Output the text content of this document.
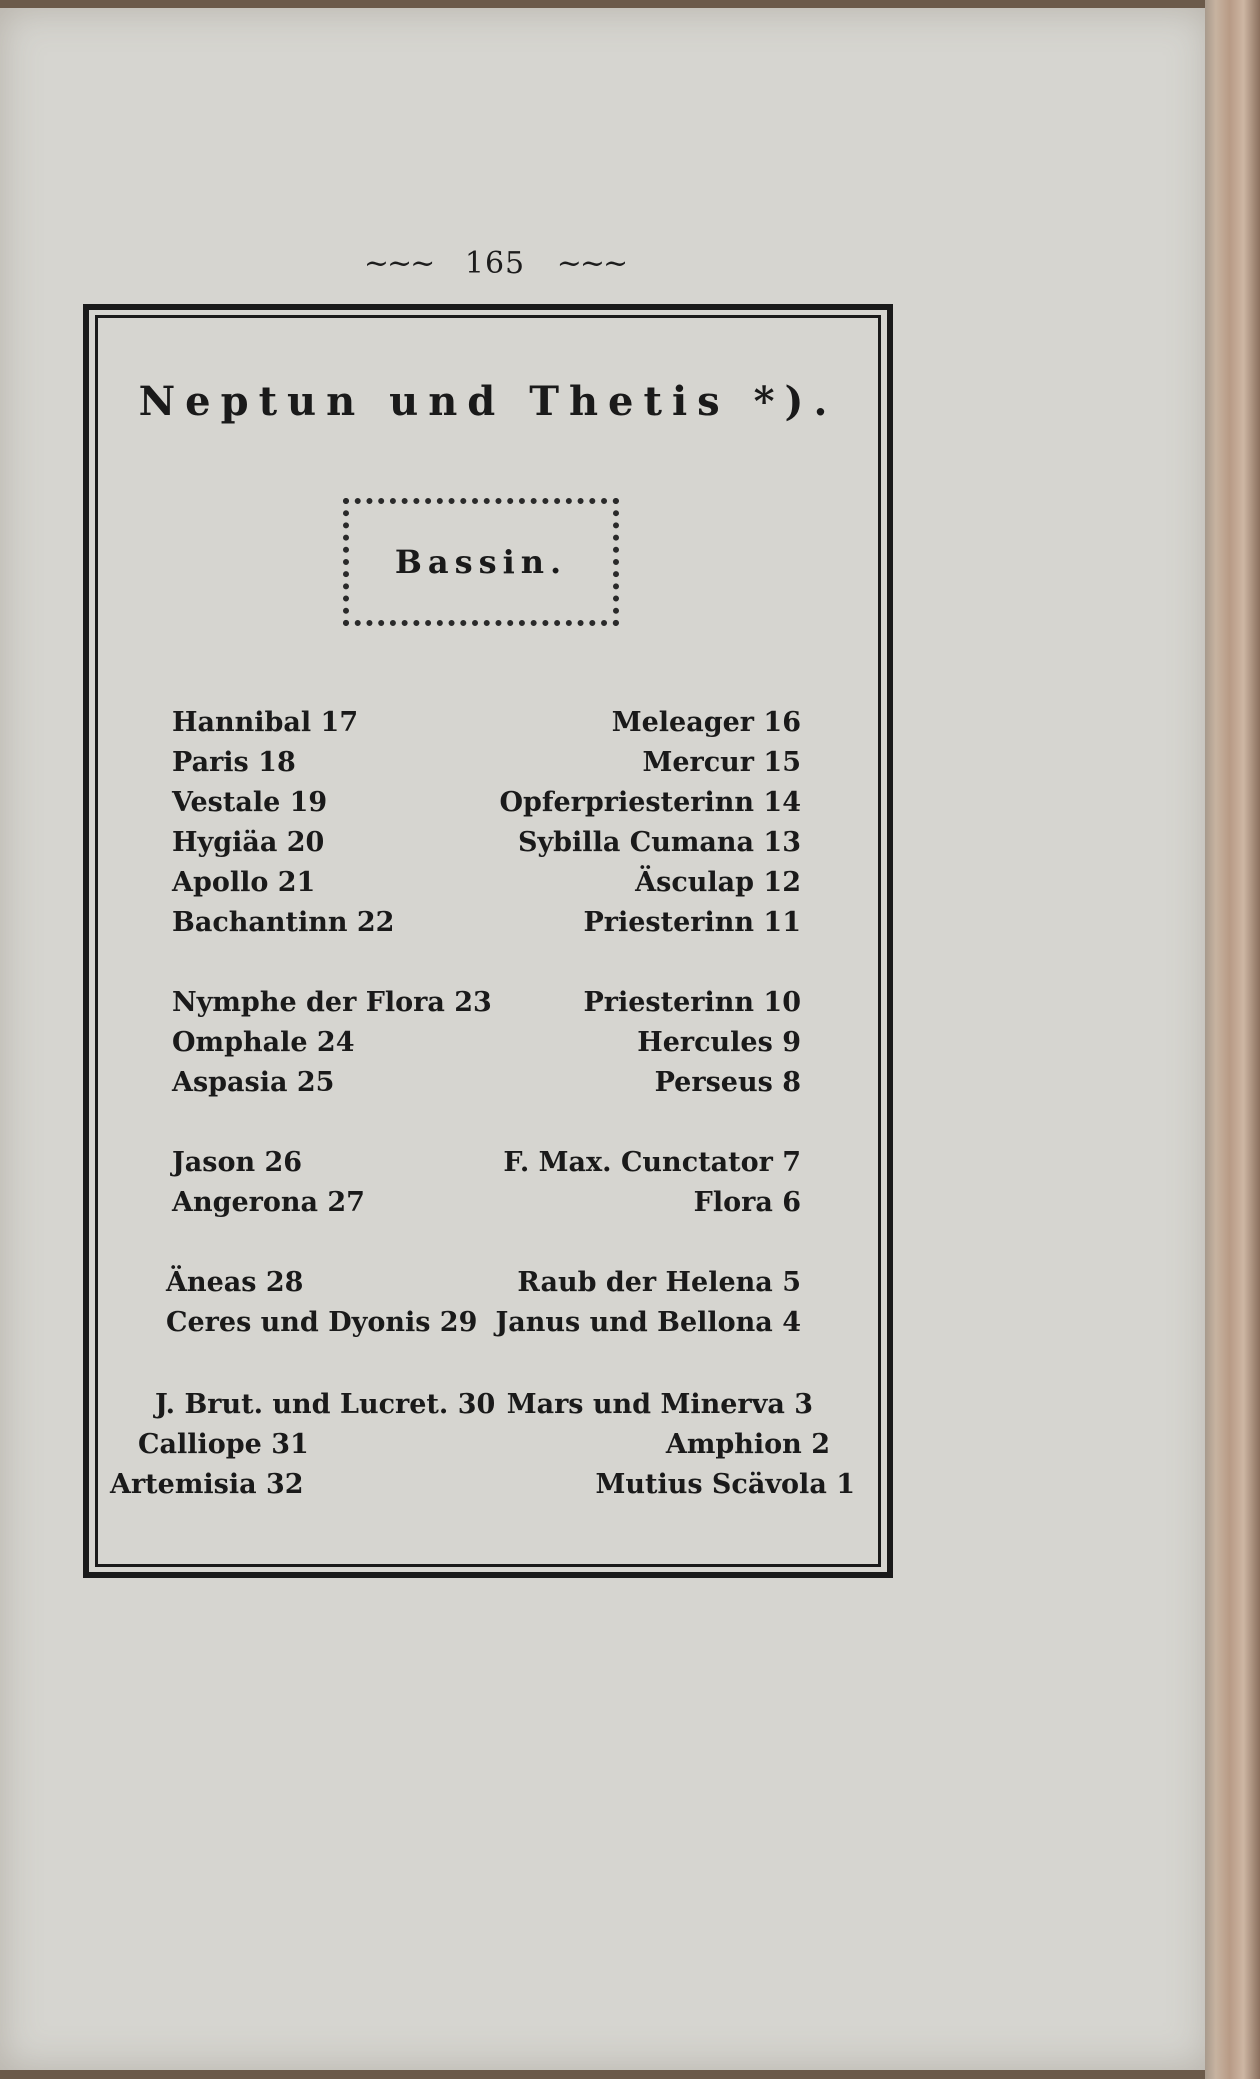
~~~ 165 ~~~
Neptun und Thetis *).
Bassin.
Hannibal 17	Meleager 16
Paris 18	Mercur 15
Vestale 19	Opferpriesterinn 14
Hygiäa 20	Sybilla Cumana 13
Apollo 21	Äsculap 12
Bachantinn 22	Priesterinn 11
Nymphe der Flora 23	Priesterinn 10
Omphale 24	Hercules 9
Aspasia 25	Perseus 8
Jason 26	F. Max. Cunctator 7
Angerona 27	Flora 6
Äneas 28	Raub der Helena 5
Ceres und Dyonis 29 Janus und Bellona 4
J. Brut. und Lucret. 30 Mars und Minerva 3
Calliope 31	Amphion 2
Artemisia 32	Mutius Scävola 1
